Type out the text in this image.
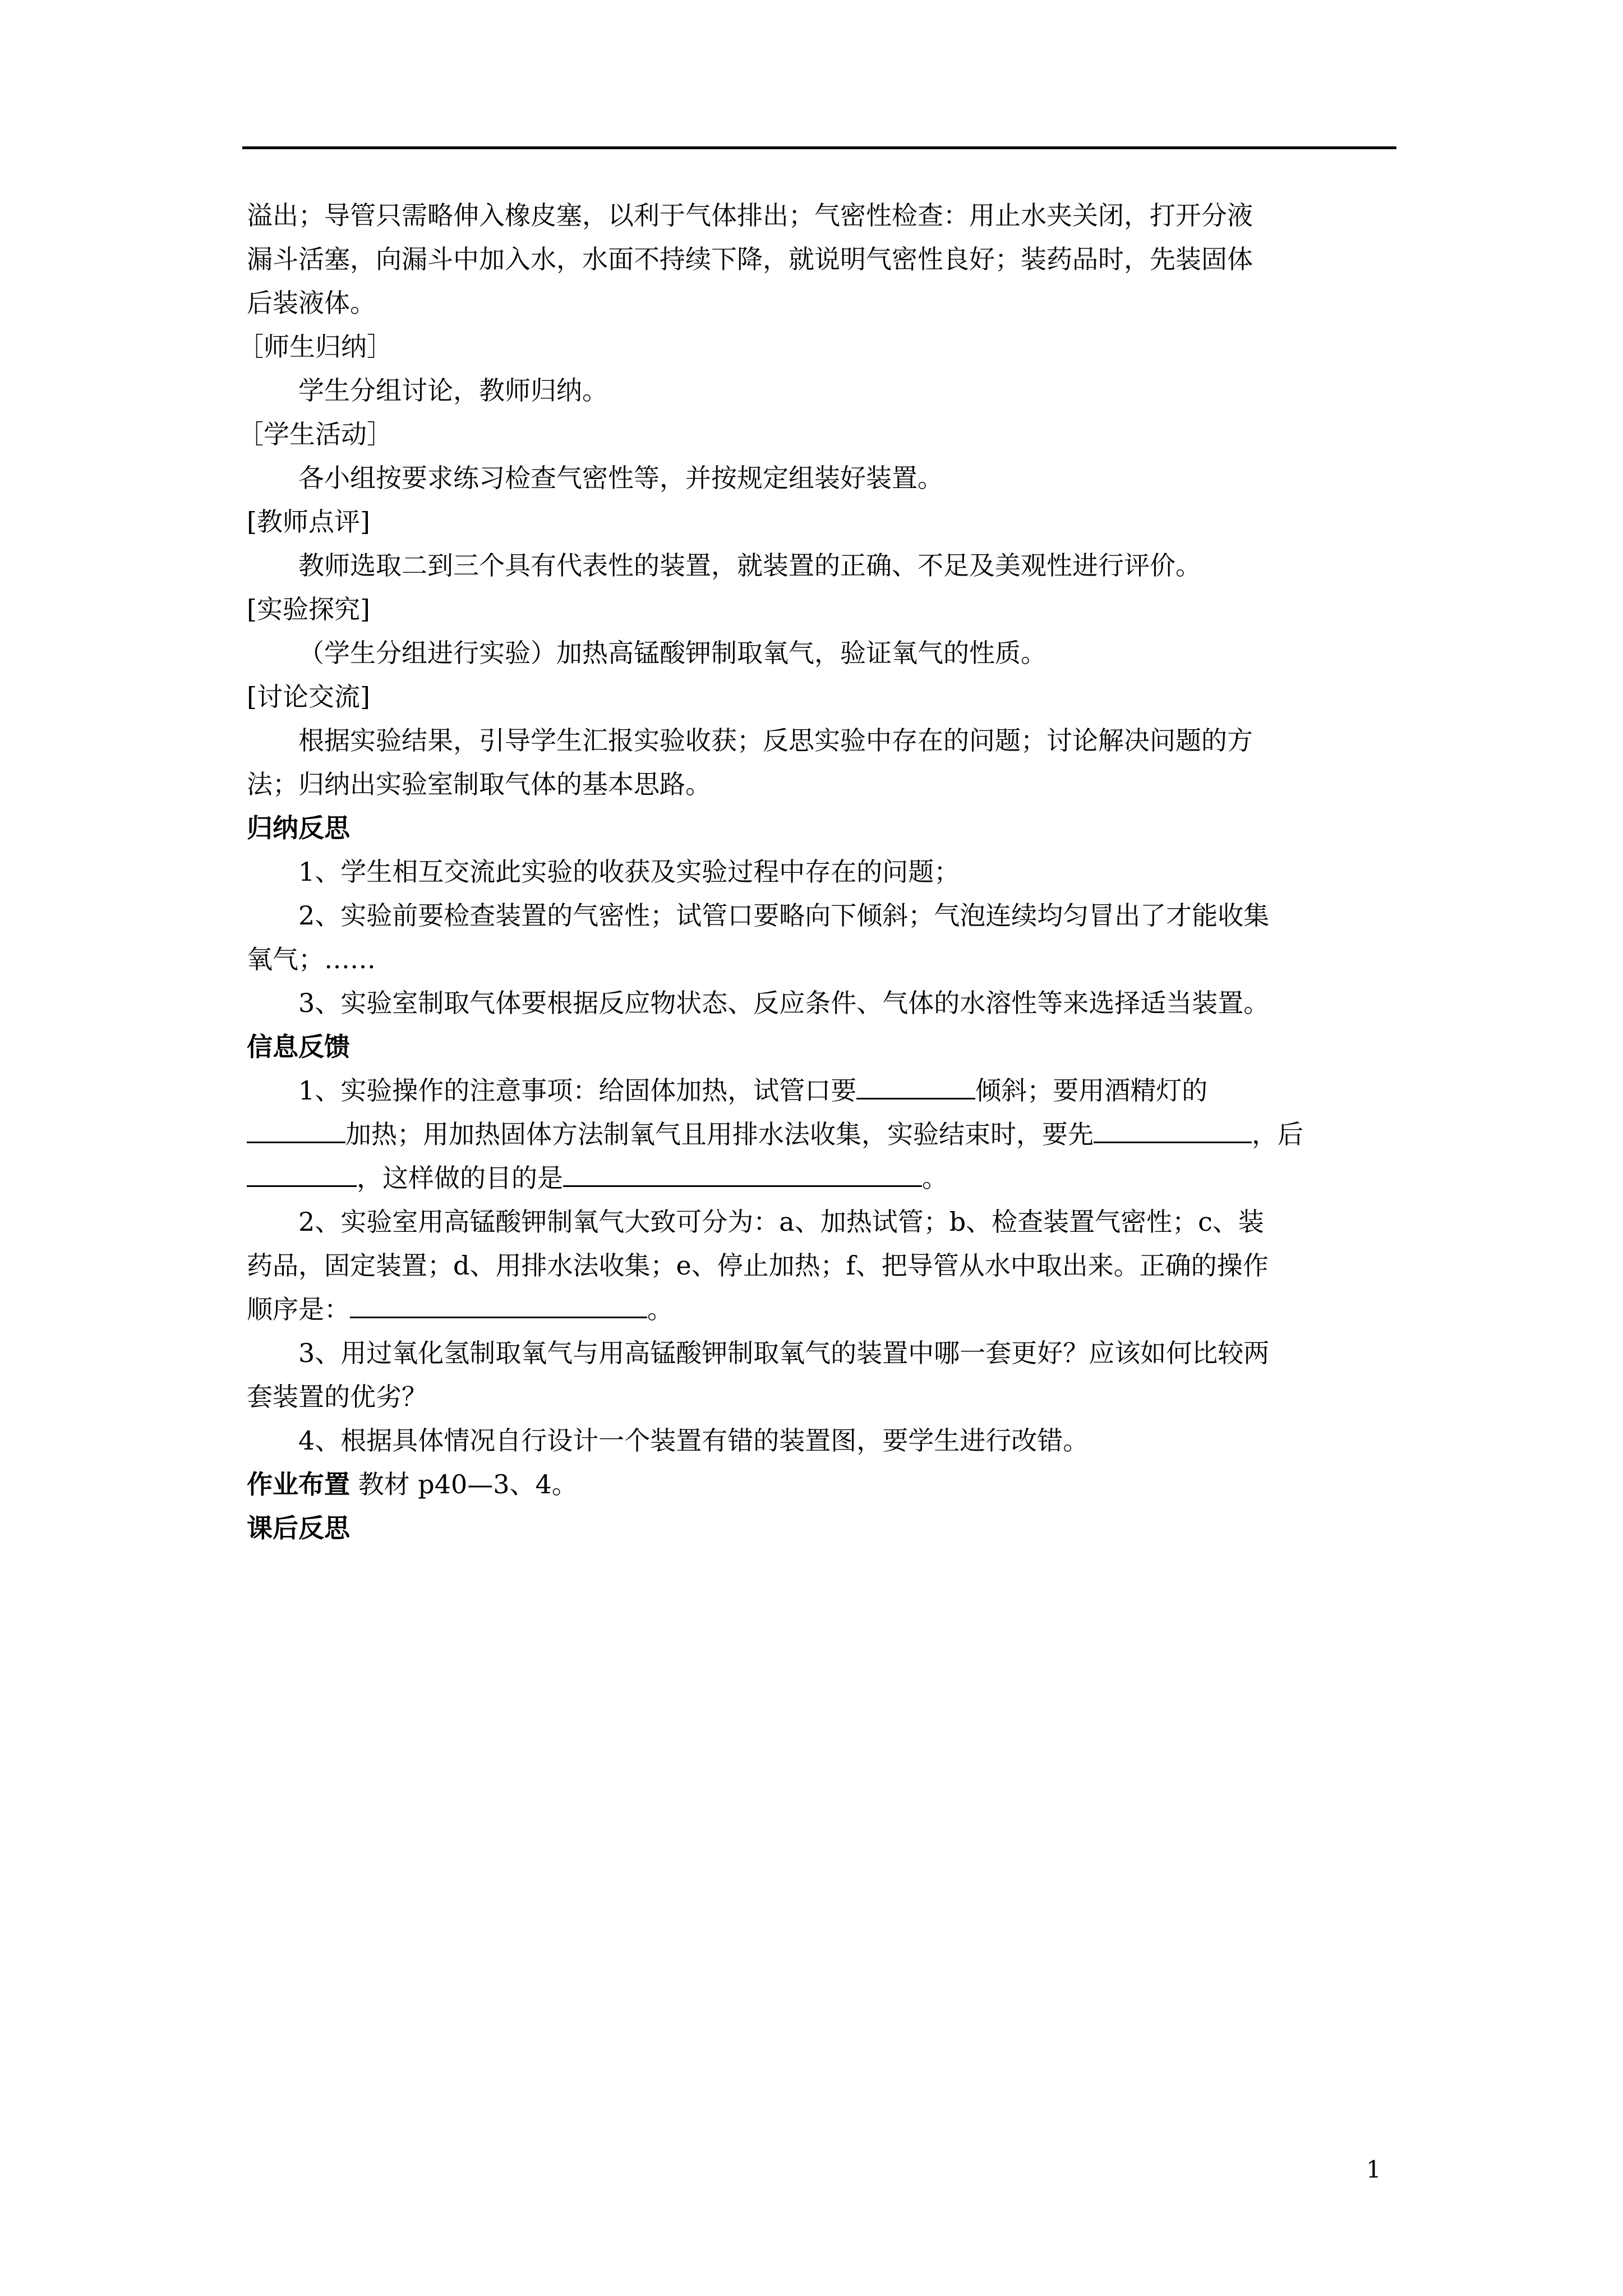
溢出；导管只需略伸入橡皮塞，以利于气体排出；气密性检查：用止水夹关闭，打开分液

漏斗活塞，向漏斗中加入水，水面不持续下降，就说明气密性良好；装药品时，先装固体

后装液体。

［师生归纳］

学生分组讨论，教师归纳。

［学生活动］

各小组按要求练习检查气密性等，并按规定组装好装置。

[教师点评]

教师选取二到三个具有代表性的装置，就装置的正确、不足及美观性进行评价。

[实验探究]

（学生分组进行实验）加热高锰酸钾制取氧气，验证氧气的性质。

[讨论交流]

根据实验结果，引导学生汇报实验收获；反思实验中存在的问题；讨论解决问题的方

法；归纳出实验室制取气体的基本思路。

归纳反思

1、学生相互交流此实验的收获及实验过程中存在的问题；

2、实验前要检查装置的气密性；试管口要略向下倾斜；气泡连续均匀冒出了才能收集

氧气；……

3、实验室制取气体要根据反应物状态、反应条件、气体的水溶性等来选择适当装置。

信息反馈

1、实验操作的注意事项：给固体加热，试管口要	倾斜；要用酒精灯的

加热；用加热固体方法制氧气且用排水法收集，实验结束时，要先	，后

，这样做的目的是	。

2、实验室用高锰酸钾制氧气大致可分为：a、加热试管；b、检查装置气密性；c、装

药品，固定装置；d、用排水法收集；e、停止加热；f、把导管从水中取出来。正确的操作

顺序是：	。

3、用过氧化氢制取氧气与用高锰酸钾制取氧气的装置中哪一套更好？应该如何比较两

套装置的优劣？

4、根据具体情况自行设计一个装置有错的装置图，要学生进行改错。

作业布置 教材 p40—3、4。

课后反思

1
